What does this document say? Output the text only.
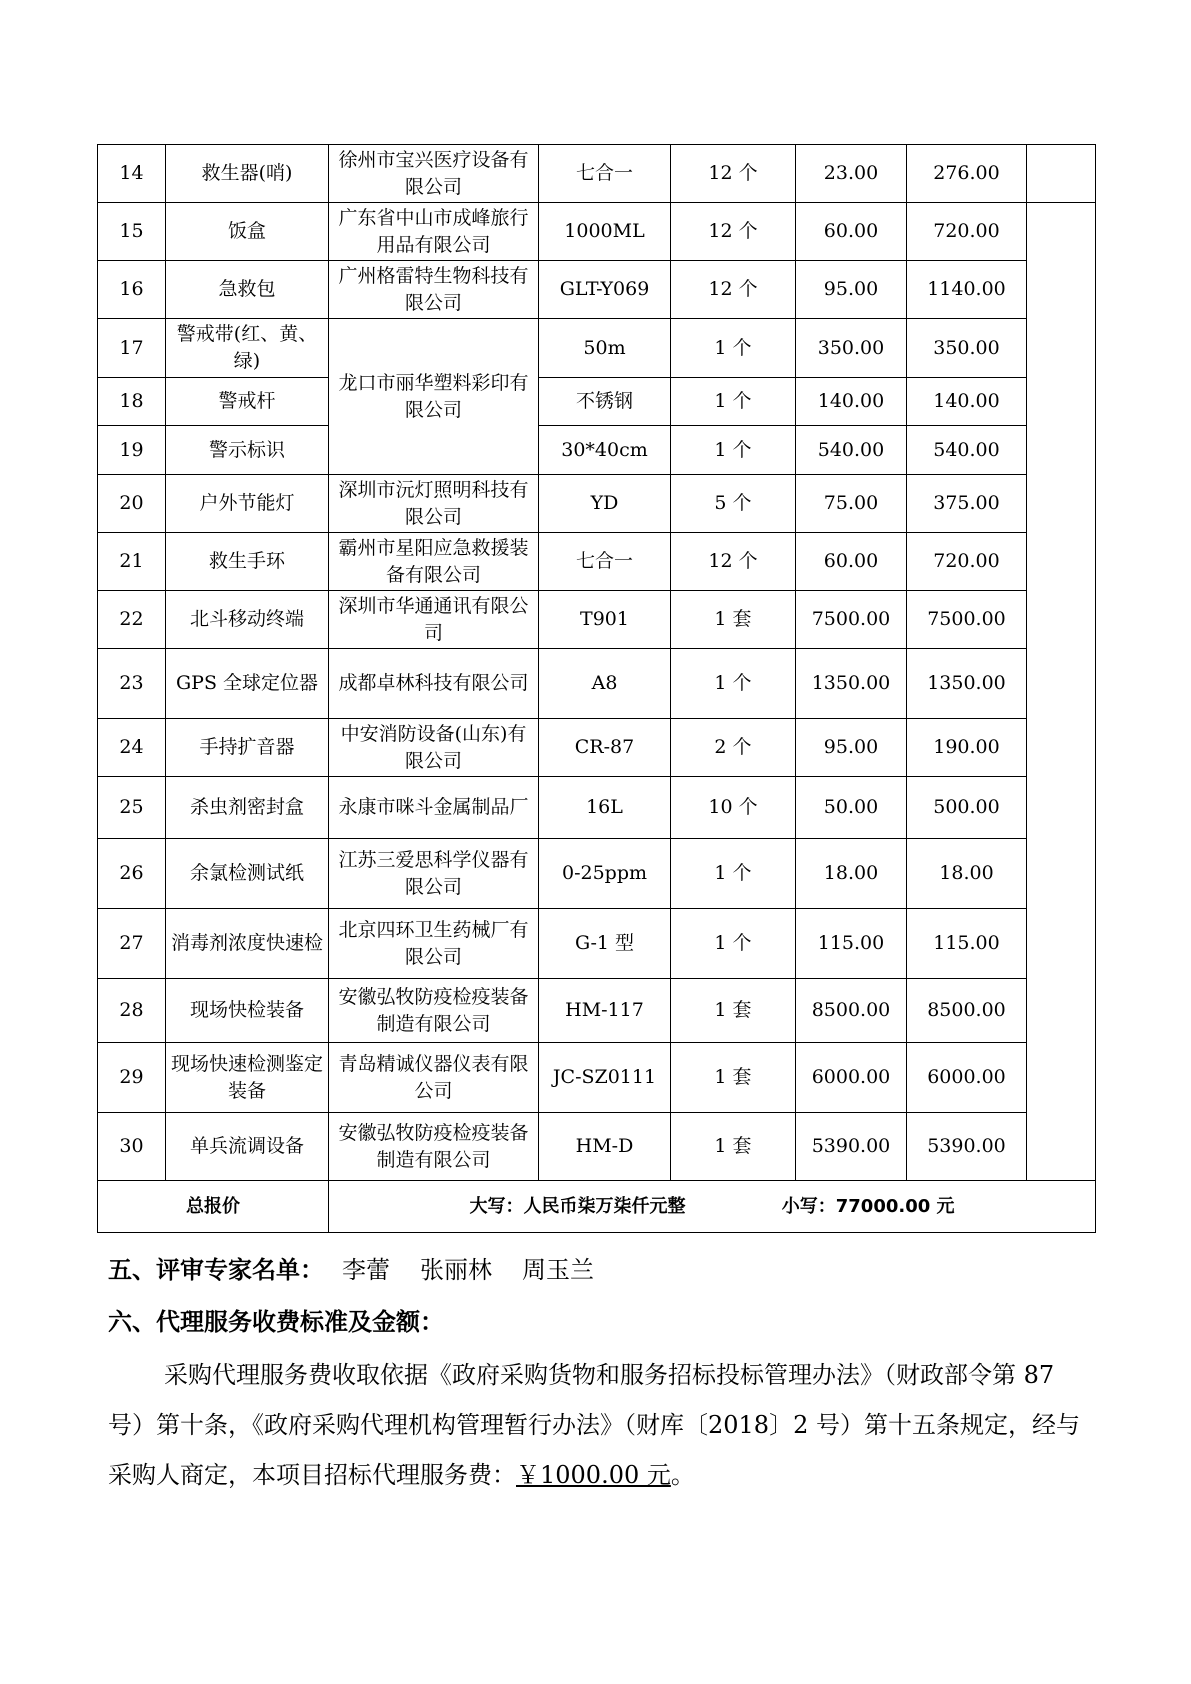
14	救生器(哨)	徐州市宝兴医疗设备有限公司	七合一	12 个	23.00	276.00	
15	饭盒	广东省中山市成峰旅行用品有限公司	1000ML	12 个	60.00	720.00	
16	急救包	广州格雷特生物科技有限公司	GLT-Y069	12 个	95.00	1140.00	
17	警戒带(红、黄、绿)	龙口市丽华塑料彩印有限公司	50m	1 个	350.00	350.00	
18	警戒杆		不锈钢	1 个	140.00	140.00	
19	警示标识		30*40cm	1 个	540.00	540.00	
20	户外节能灯	深圳市沅灯照明科技有限公司	YD	5 个	75.00	375.00	
21	救生手环	霸州市星阳应急救援装备有限公司	七合一	12 个	60.00	720.00	
22	北斗移动终端	深圳市华通通讯有限公司	T901	1 套	7500.00	7500.00	
23	GPS 全球定位器	成都卓林科技有限公司	A8	1 个	1350.00	1350.00	
24	手持扩音器	中安消防设备(山东)有限公司	CR-87	2 个	95.00	190.00	
25	杀虫剂密封盒	永康市咪斗金属制品厂	16L	10 个	50.00	500.00	
26	余氯检测试纸	江苏三爱思科学仪器有限公司	0-25ppm	1 个	18.00	18.00	
27	消毒剂浓度快速检	北京四环卫生药械厂有限公司	G-1 型	1 个	115.00	115.00	
28	现场快检装备	安徽弘牧防疫检疫装备制造有限公司	HM-117	1 套	8500.00	8500.00	
29	现场快速检测鉴定装备	青岛精诚仪器仪表有限公司	JC-SZ0111	1 套	6000.00	6000.00	
30	单兵流调设备	安徽弘牧防疫检疫装备制造有限公司	HM-D	1 套	5390.00	5390.00	
总报价		大写：人民币柒万柒仟元整 小写：77000.00 元					
五、评审专家名单： 李蕾 张丽林 周玉兰
六、代理服务收费标准及金额：
采购代理服务费收取依据《政府采购货物和服务招标投标管理办法》（财政部令第 87 号）第十条，《政府采购代理机构管理暂行办法》（财库〔2018〕2 号）第十五条规定，经与采购人商定，本项目招标代理服务费：￥1000.00 元。
